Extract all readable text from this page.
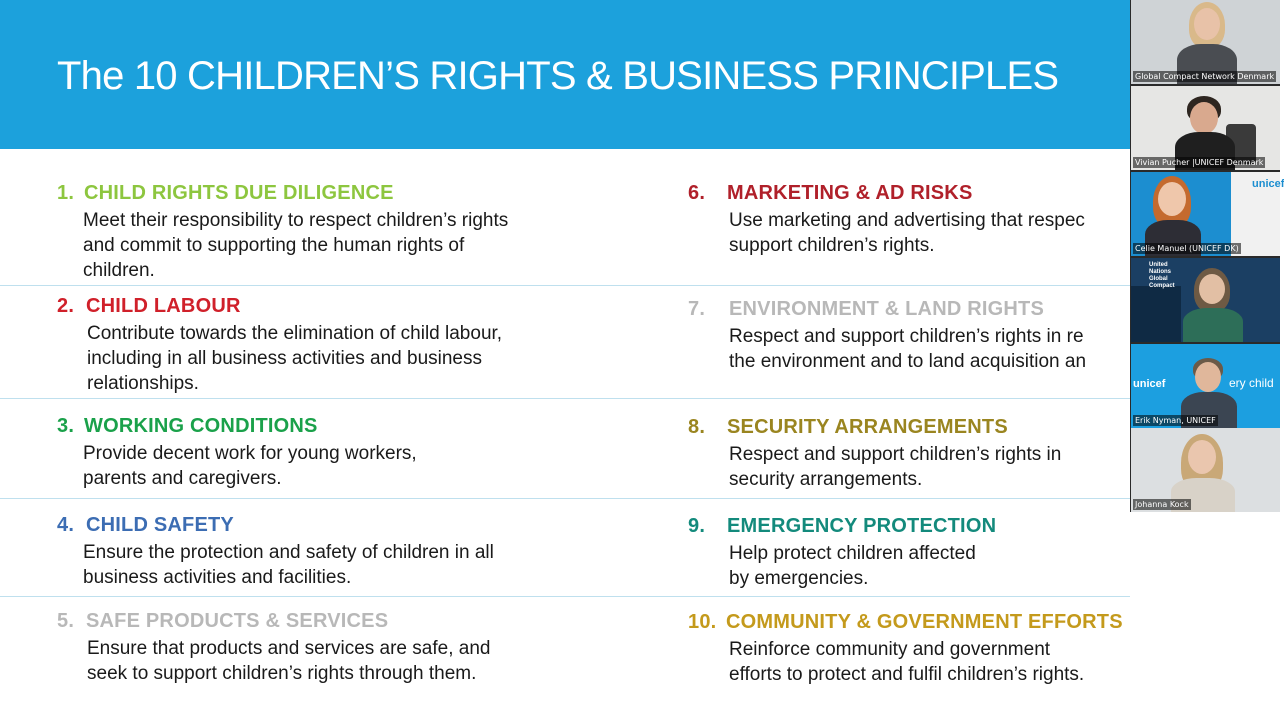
The 10 CHILDREN’S RIGHTS & BUSINESS PRINCIPLES
1. CHILD RIGHTS DUE DILIGENCE
Meet their responsibility to respect children’s rights
and commit to supporting the human rights of
children.
2. CHILD LABOUR
Contribute towards the elimination of child labour,
including in all business activities and business
relationships.
3. WORKING CONDITIONS
Provide decent work for young workers,
parents and caregivers.
4. CHILD SAFETY
Ensure the protection and safety of children in all
business activities and facilities.
5. SAFE PRODUCTS & SERVICES
Ensure that products and services are safe, and
seek to support children’s rights through them.
6. MARKETING & AD RISKS
Use marketing and advertising that respec
support children’s rights.
7. ENVIRONMENT & LAND RIGHTS
Respect and support children’s rights in re
the environment and to land acquisition an
8. SECURITY ARRANGEMENTS
Respect and support children’s rights in
security arrangements.
9. EMERGENCY PROTECTION
Help protect children affected
by emergencies.
10. COMMUNITY & GOVERNMENT EFFORTS
Reinforce community and government
efforts to protect and fulfil children’s rights.
Global Compact Network Denmark
Vivian Pucher |UNICEF Denmark
unicef
Celie Manuel (UNICEF DK)
United Nations Global Compact
unicef	ery child
Erik Nyman, UNICEF
Johanna Kock
